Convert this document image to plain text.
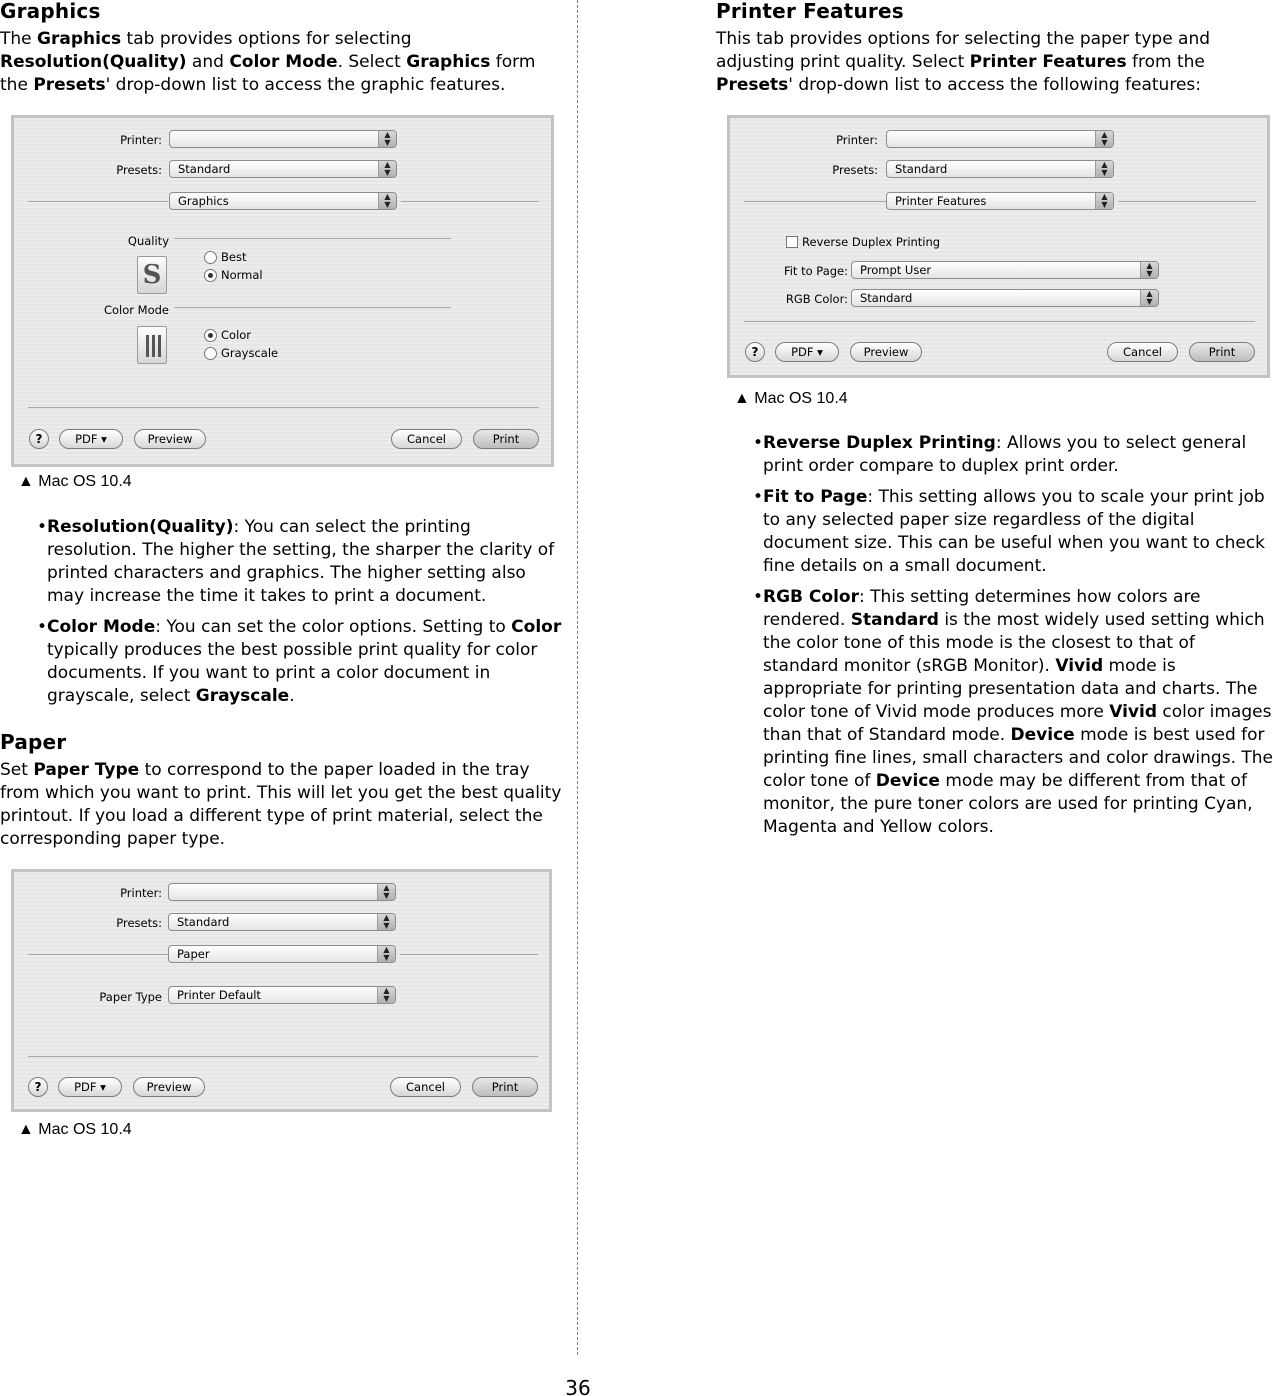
Graphics

The Graphics tab provides options for selecting Resolution(Quality) and Color Mode. Select Graphics form the Presets' drop-down list to access the graphic features.

Printer:	▲
▼
Presets:	Standard	▲
▼
Graphics	▲
▼
Quality
S
Best
Normal
Color Mode
Color
Grayscale
?	PDF ▾	Preview	Cancel	Print
▲ Mac OS 10.4
• Resolution(Quality): You can select the printing resolution. The higher the setting, the sharper the clarity of printed characters and graphics. The higher setting also may increase the time it takes to print a document.
• Color Mode: You can set the color options. Setting to Color typically produces the best possible print quality for color documents. If you want to print a color document in grayscale, select Grayscale.
Paper

Set Paper Type to correspond to the paper loaded in the tray from which you want to print. This will let you get the best quality printout. If you load a different type of print material, select the corresponding paper type.

Printer:	▲
▼
Presets:	Standard	▲
▼
Paper	▲
▼
Paper Type	Printer Default	▲
▼
?	PDF ▾	Preview	Cancel	Print
▲ Mac OS 10.4
Printer Features

This tab provides options for selecting the paper type and adjusting print quality. Select Printer Features from the Presets' drop-down list to access the following features:

Printer:	▲
▼
Presets:	Standard	▲
▼
Printer Features	▲
▼
Reverse Duplex Printing
Fit to Page:	Prompt User	▲
▼
RGB Color:	Standard	▲
▼
?	PDF ▾	Preview	Cancel	Print
▲ Mac OS 10.4
• Reverse Duplex Printing: Allows you to select general print order compare to duplex print order.
• Fit to Page: This setting allows you to scale your print job to any selected paper size regardless of the digital document size. This can be useful when you want to check fine details on a small document.
• RGB Color: This setting determines how colors are rendered. Standard is the most widely used setting which the color tone of this mode is the closest to that of standard monitor (sRGB Monitor). Vivid mode is appropriate for printing presentation data and charts. The color tone of Vivid mode produces more Vivid color images than that of Standard mode. Device mode is best used for printing fine lines, small characters and color drawings. The color tone of Device mode may be different from that of monitor, the pure toner colors are used for printing Cyan, Magenta and Yellow colors.
36
